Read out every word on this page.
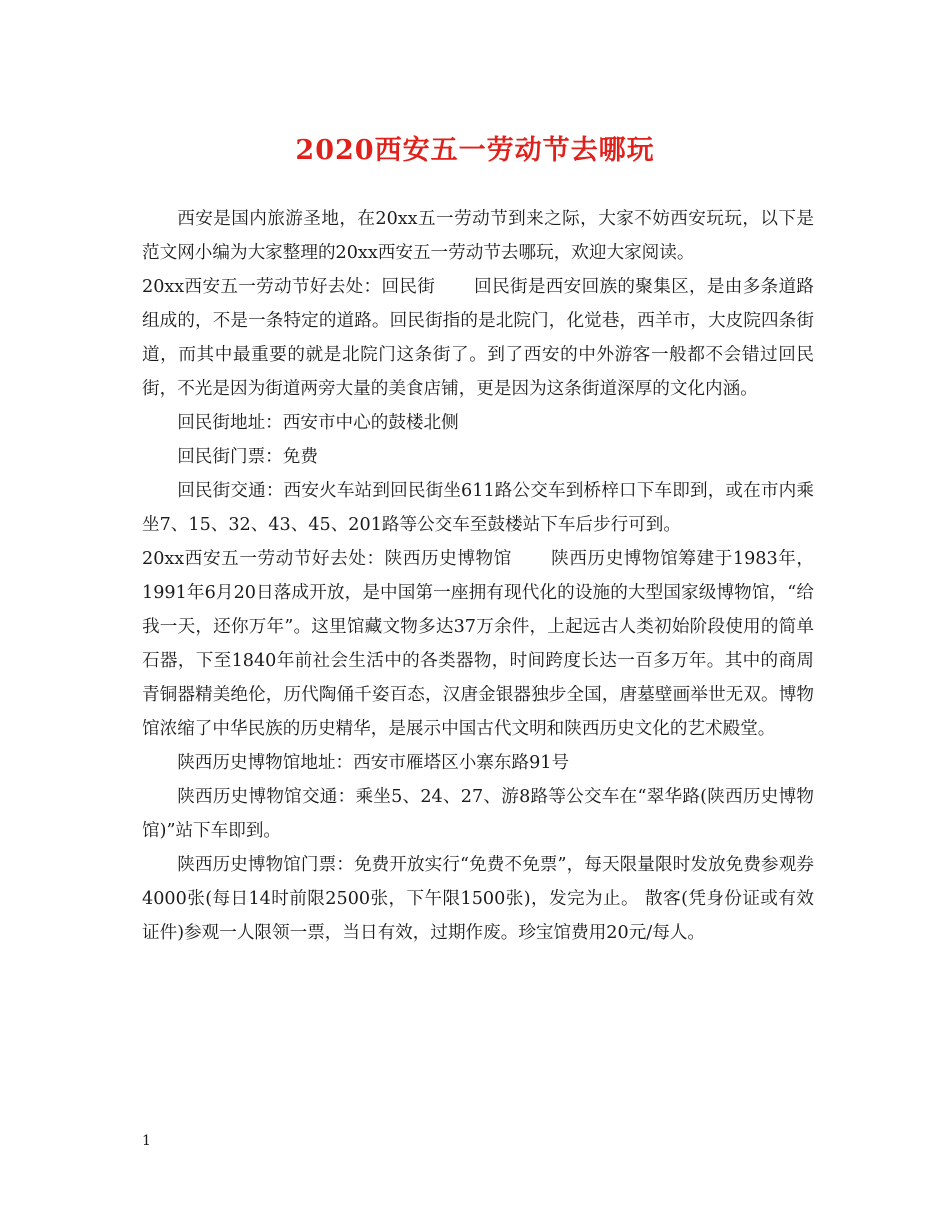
2020西安五一劳动节去哪玩

西安是国内旅游圣地，在20xx五一劳动节到来之际，大家不妨西安玩玩，以下是范文网小编为大家整理的20xx西安五一劳动节去哪玩，欢迎大家阅读。

20xx西安五一劳动节好去处：回民街 回民街是西安回族的聚集区，是由多条道路组成的，不是一条特定的道路。回民街指的是北院门，化觉巷，西羊市，大皮院四条街道，而其中最重要的就是北院门这条街了。到了西安的中外游客一般都不会错过回民街，不光是因为街道两旁大量的美食店铺，更是因为这条街道深厚的文化内涵。

回民街地址：西安市中心的鼓楼北侧

回民街门票：免费

回民街交通：西安火车站到回民街坐611路公交车到桥梓口下车即到，或在市内乘坐7、15、32、43、45、201路等公交车至鼓楼站下车后步行可到。

20xx西安五一劳动节好去处：陕西历史博物馆 陕西历史博物馆筹建于1983年，1991年6月20日落成开放，是中国第一座拥有现代化的设施的大型国家级博物馆，“给我一天，还你万年”。这里馆藏文物多达37万余件，上起远古人类初始阶段使用的简单石器，下至1840年前社会生活中的各类器物，时间跨度长达一百多万年。其中的商周青铜器精美绝伦，历代陶俑千姿百态，汉唐金银器独步全国，唐墓壁画举世无双。博物馆浓缩了中华民族的历史精华，是展示中国古代文明和陕西历史文化的艺术殿堂。

陕西历史博物馆地址：西安市雁塔区小寨东路91号

陕西历史博物馆交通：乘坐5、24、27、游8路等公交车在“翠华路(陕西历史博物馆)”站下车即到。

陕西历史博物馆门票：免费开放实行“免费不免票”，每天限量限时发放免费参观券4000张(每日14时前限2500张，下午限1500张)，发完为止。 散客(凭身份证或有效证件)参观一人限领一票，当日有效，过期作废。珍宝馆费用20元/每人。

1
